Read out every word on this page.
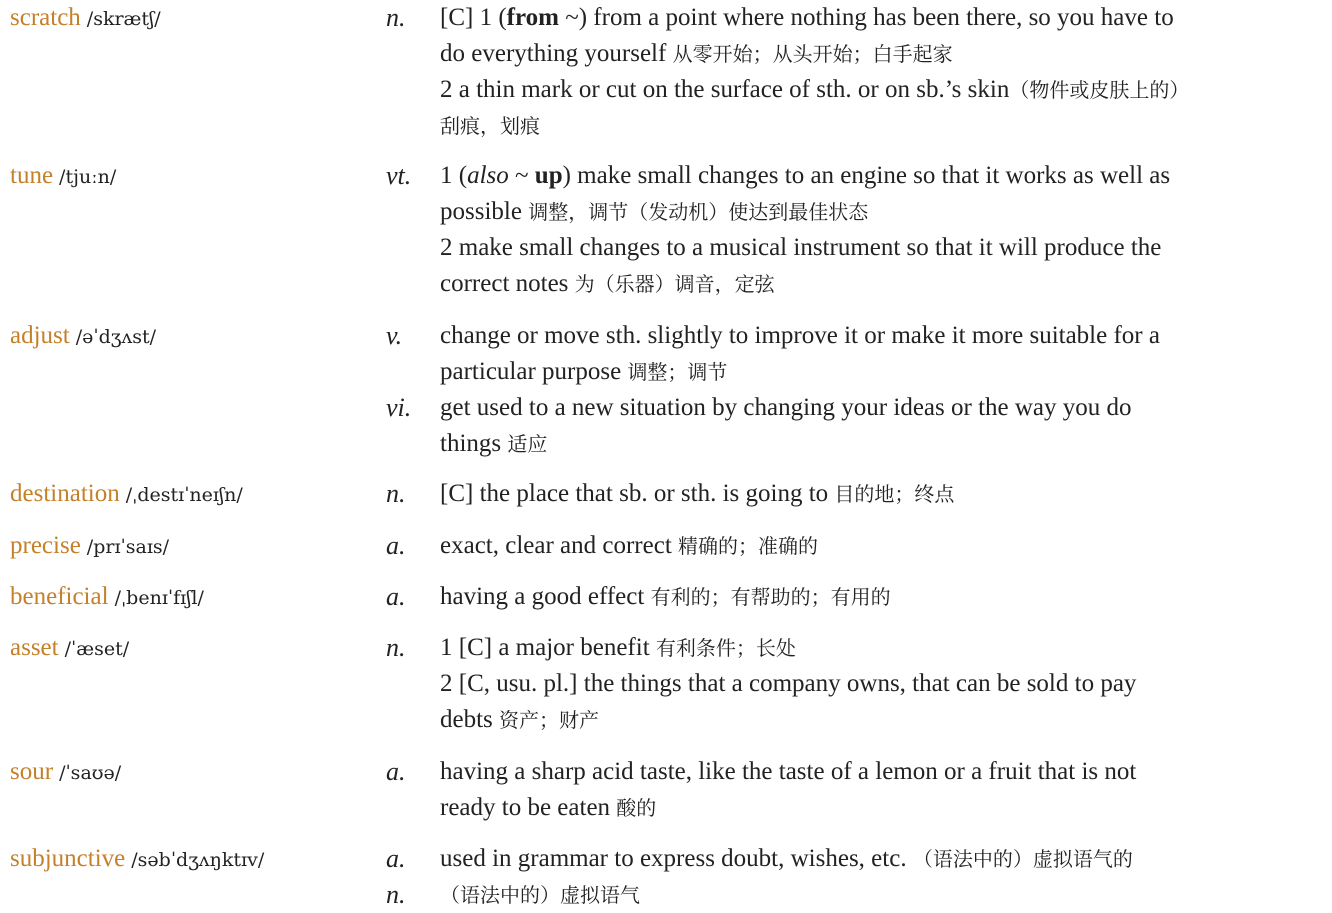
scratch /skrætʃ/	n.	[C] 1 (from ~) from a point where nothing has been there, so you have to
do everything yourself 从零开始；从头开始；白手起家
2 a thin mark or cut on the surface of sth. or on sb.’s skin（物件或皮肤上的）
刮痕，划痕
tune /tjuːn/	vt.	1 (also ~ up) make small changes to an engine so that it works as well as
possible 调整，调节（发动机）使达到最佳状态
2 make small changes to a musical instrument so that it will produce the
correct notes 为（乐器）调音，定弦
adjust /əˈdʒʌst/	v.	change or move sth. slightly to improve it or make it more suitable for a
particular purpose 调整；调节
vi.	get used to a new situation by changing your ideas or the way you do
things 适应
destination /ˌdestɪˈneɪʃn/	n.	[C] the place that sb. or sth. is going to 目的地；终点
precise /prɪˈsaɪs/	a.	exact, clear and correct 精确的；准确的
beneficial /ˌbenɪˈfɪʃl/	a.	having a good effect 有利的；有帮助的；有用的
asset /ˈæset/	n.	1 [C] a major benefit 有利条件；长处
2 [C, usu. pl.] the things that a company owns, that can be sold to pay
debts 资产；财产
sour /ˈsaʊə/	a.	having a sharp acid taste, like the taste of a lemon or a fruit that is not
ready to be eaten 酸的
subjunctive /səbˈdʒʌŋktɪv/	a.	used in grammar to express doubt, wishes, etc. （语法中的）虚拟语气的
n.	（语法中的）虚拟语气
